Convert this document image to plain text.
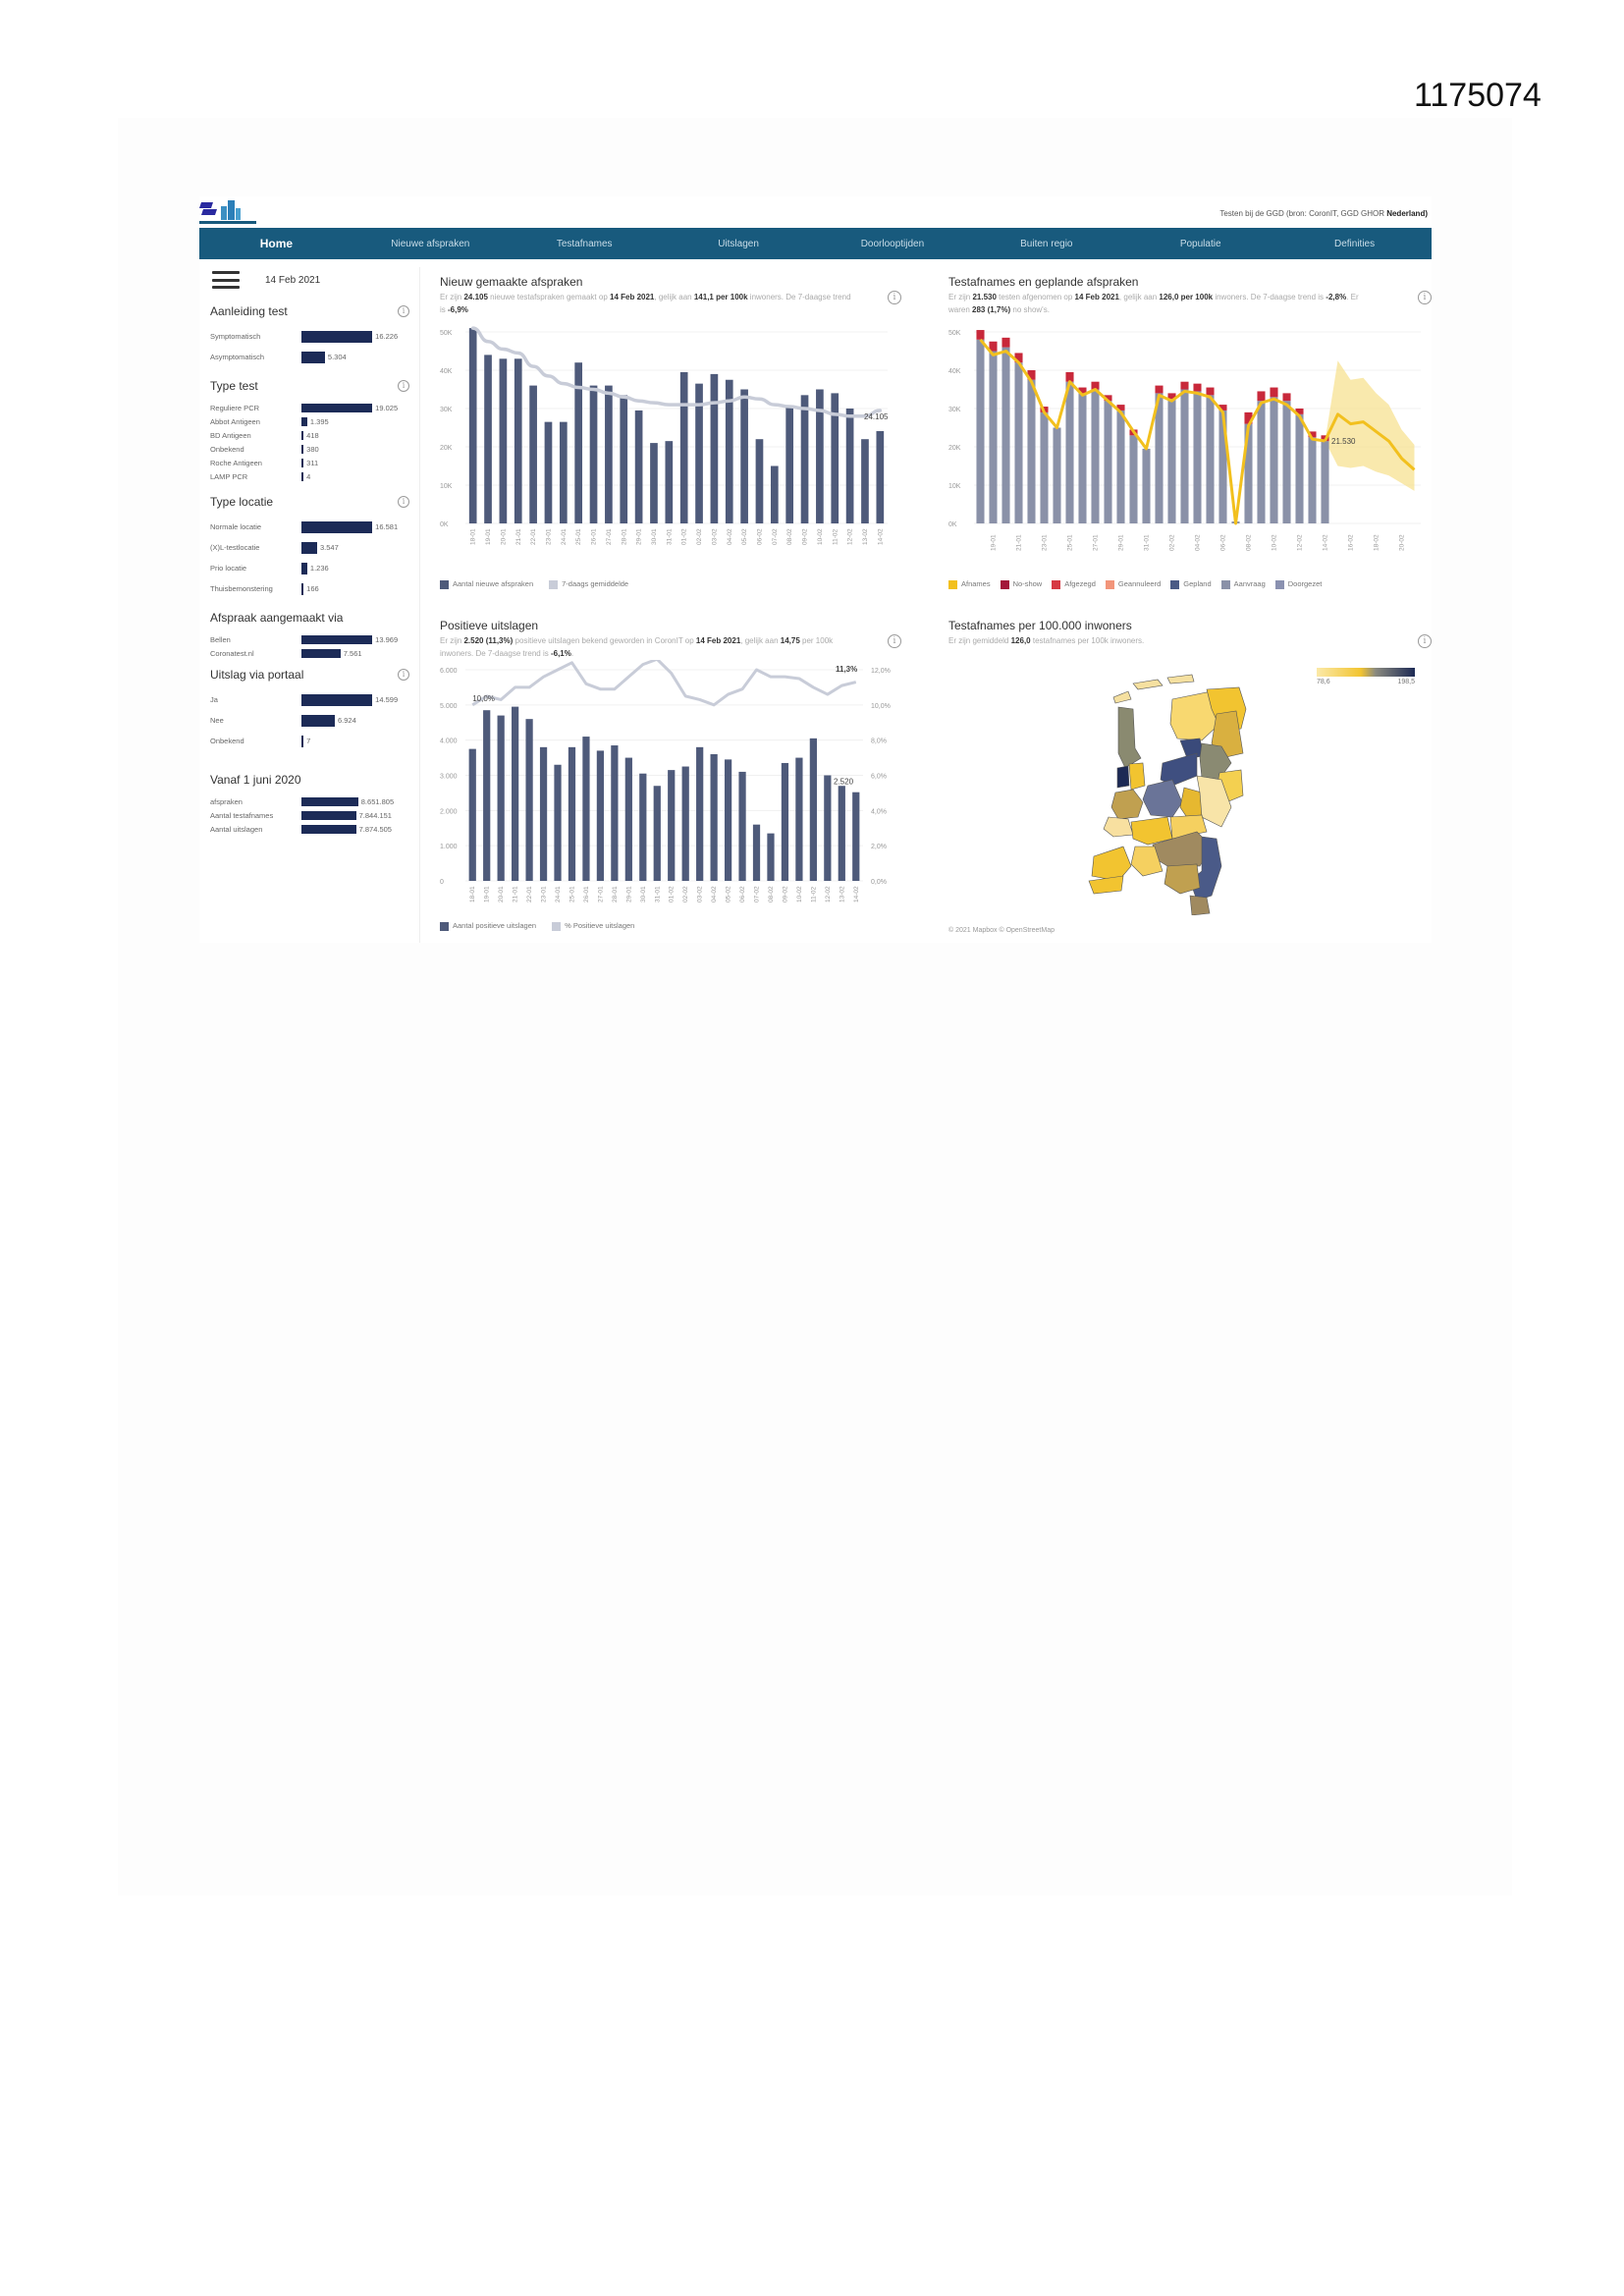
1175074
Testen bij de GGD (bron: CoronIT, GGD GHOR Nederland)
Home	Nieuwe afspraken	Testafnames	Uitslagen	Doorlooptijden	Buiten regio	Populatie	Definities
14 Feb 2021
Aanleiding test	i
Symptomatisch	16.226
Asymptomatisch	5.304
Type test	i
Reguliere PCR	19.025
Abbot Antigeen	1.395
BD Antigeen	418
Onbekend	380
Roche Antigeen	311
LAMP PCR	4
Type locatie	i
Normale locatie	16.581
(X)L-testlocatie	3.547
Prio locatie	1.236
Thuisbemonstering	166
Afspraak aangemaakt via
Bellen	13.969
Coronatest.nl	7.561
Uitslag via portaal	i
Ja	14.599
Nee	6.924
Onbekend	7
Vanaf 1 juni 2020
afspraken	8.651.805
Aantal testafnames	7.844.151
Aantal uitslagen	7.874.505
Nieuw gemaakte afspraken
Er zijn 24.105 nieuwe testafspraken gemaakt op 14 Feb 2021, gelijk aan 141,1 per 100k inwoners. De 7-daagse trend is -6,9%
i
0K
10K
20K
30K
40K
50K
24.105
18-01 19-01 20-01 21-01 22-01 23-01 24-01 25-01 26-01 27-01 28-01 29-01 30-01 31-01 01-02 02-02 03-02 04-02 05-02 06-02 07-02 08-02 09-02 10-02 11-02 12-02 13-02 14-02
Aantal nieuwe afspraken	7-daags gemiddelde
Testafnames en geplande afspraken
Er zijn 21.530 testen afgenomen op 14 Feb 2021, gelijk aan 126,0 per 100k inwoners. De 7-daagse trend is -2,8%. Er waren 283 (1,7%) no show's.
i
0K
10K
20K
30K
40K
50K
21.530
19-01	21-01	23-01	25-01	27-01	29-01	31-01	02-02	04-02	06-02	08-02	10-02	12-02	14-02	16-02	18-02	20-02
Afnames	No-show	Afgezegd	Geannuleerd	Gepland	Aanvraag	Doorgezet
Positieve uitslagen
Er zijn 2.520 (11,3%) positieve uitslagen bekend geworden in CoronIT op 14 Feb 2021, gelijk aan 14,75 per 100k inwoners. De 7-daagse trend is -6,1%.
i
0
1.000
2.000
3.000
4.000
5.000
6.000
0,0%
2,0%
4,0%
6,0%
8,0%
10,0%
12,0%
10,0%
11,3%
2.520
18-01 19-01 20-01 21-01 22-01 23-01 24-01 25-01 26-01 27-01 28-01 29-01 30-01 31-01 01-02 02-02 03-02 04-02 05-02 06-02 07-02 08-02 09-02 10-02 11-02 12-02 13-02 14-02
Aantal positieve uitslagen	% Positieve uitslagen
Testafnames per 100.000 inwoners
Er zijn gemiddeld 126,0 testafnames per 100k inwoners.	i
78,6	198,5
© 2021 Mapbox © OpenStreetMap
